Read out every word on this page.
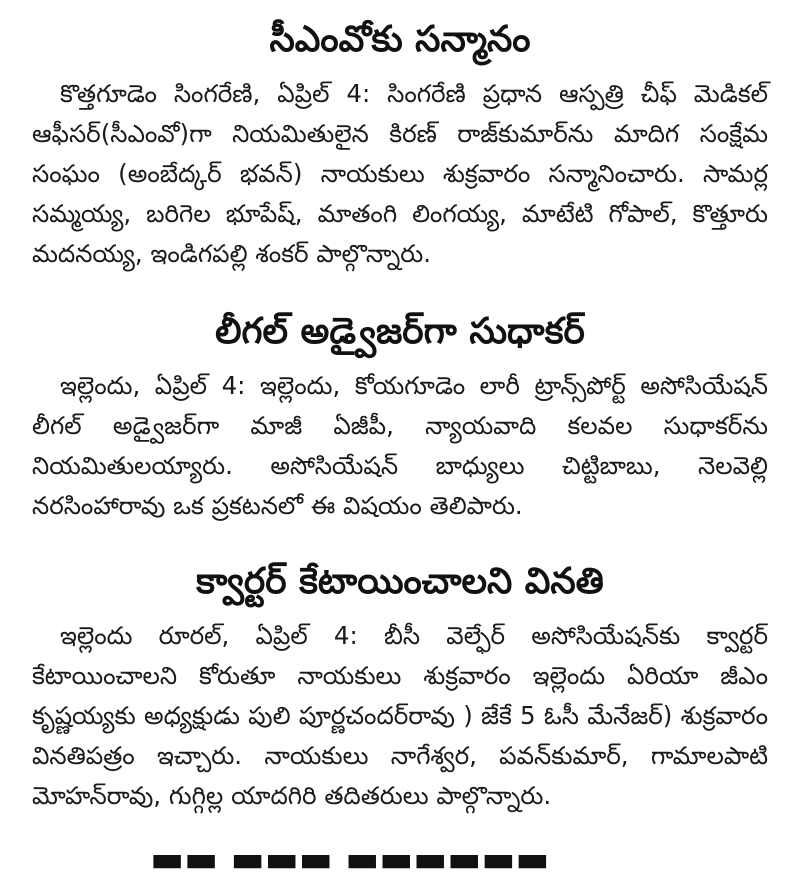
సీఎంవోకు సన్మానం

కొత్తగూడెం సింగరేణి, ఏప్రిల్ 4: సింగరేణి ప్రధాన ఆస్పత్రి చీఫ్ మెడికల్ ఆఫీసర్(సీఎంవో)గా నియమితులైన కిరణ్ రాజ్‌కుమార్‌ను మాదిగ సంక్షేమ సంఘం (అంబేద్కర్ భవన్) నాయకులు శుక్రవారం సన్మానించారు. సామర్ల సమ్మయ్య, బరిగెల భూపేష్, మాతంగి లింగయ్య, మాటేటి గోపాల్, కొత్తూరు మదనయ్య, ఇండిగపల్లి శంకర్ పాల్గొన్నారు.

లీగల్ అడ్వైజర్‌గా సుధాకర్

ఇల్లెందు, ఏప్రిల్ 4: ఇల్లెందు, కోయగూడెం లారీ ట్రాన్స్‌పోర్ట్ అసోసియేషన్ లీగల్ అడ్వైజర్‌గా మాజీ ఏజీపీ, న్యాయవాది కలవల సుధాకర్‌ను నియమితులయ్యారు. అసోసియేషన్ బాధ్యులు చిట్టిబాబు, నెలవెల్లి నరసింహారావు ఒక ప్రకటనలో ఈ విషయం తెలిపారు.

క్వార్టర్ కేటాయించాలని వినతి

ఇల్లెందు రూరల్, ఏప్రిల్ 4: బీసీ వెల్ఫేర్ అసోసియేషన్‌కు క్వార్టర్ కేటాయించాలని కోరుతూ నాయకులు శుక్రవారం ఇల్లెందు ఏరియా జీఎం కృష్ణయ్యకు అధ్యక్షుడు పులి పూర్ణచందర్‌రావు ) జేకే 5 ఓసీ మేనేజర్) శుక్రవారం వినతిపత్రం ఇచ్చారు. నాయకులు నాగేశ్వర, పవన్‌కుమార్, గామాలపాటి మోహన్‌రావు, గుగ్గిల్ల యాదగిరి తదితరులు పాల్గొన్నారు.

▬▬ ▬▬▬ ▬▬▬▬▬▬
